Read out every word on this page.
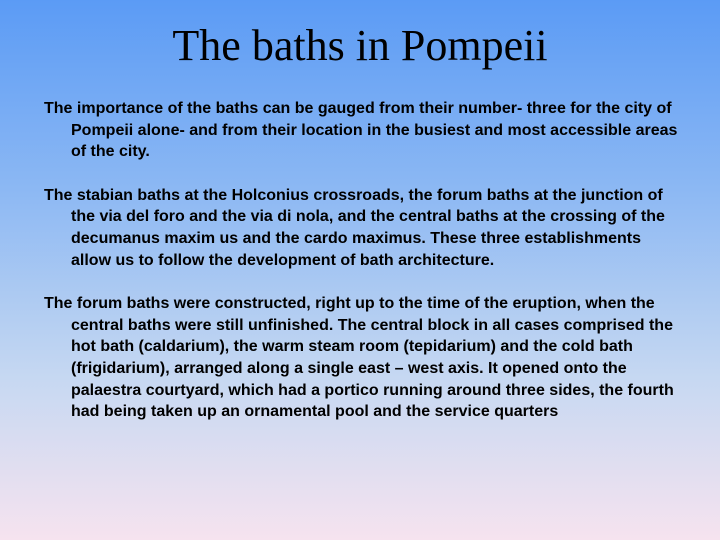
The baths in Pompeii

The importance of the baths can be gauged from their number- three for the city of Pompeii alone- and from their location in the busiest and most accessible areas of the city.

The stabian baths at the Holconius crossroads, the forum baths at the junction of the via del foro and the via di nola, and the central baths at the crossing of the decumanus maxim us and the cardo maximus. These three establishments allow us to follow the development of bath architecture.

The forum baths were constructed, right up to the time of the eruption, when the central baths were still unfinished. The central block in all cases comprised the hot bath (caldarium), the warm steam room (tepidarium) and the cold bath (frigidarium), arranged along a single east – west axis. It opened onto the palaestra courtyard, which had a portico running around three sides, the fourth had being taken up an ornamental pool and the service quarters
